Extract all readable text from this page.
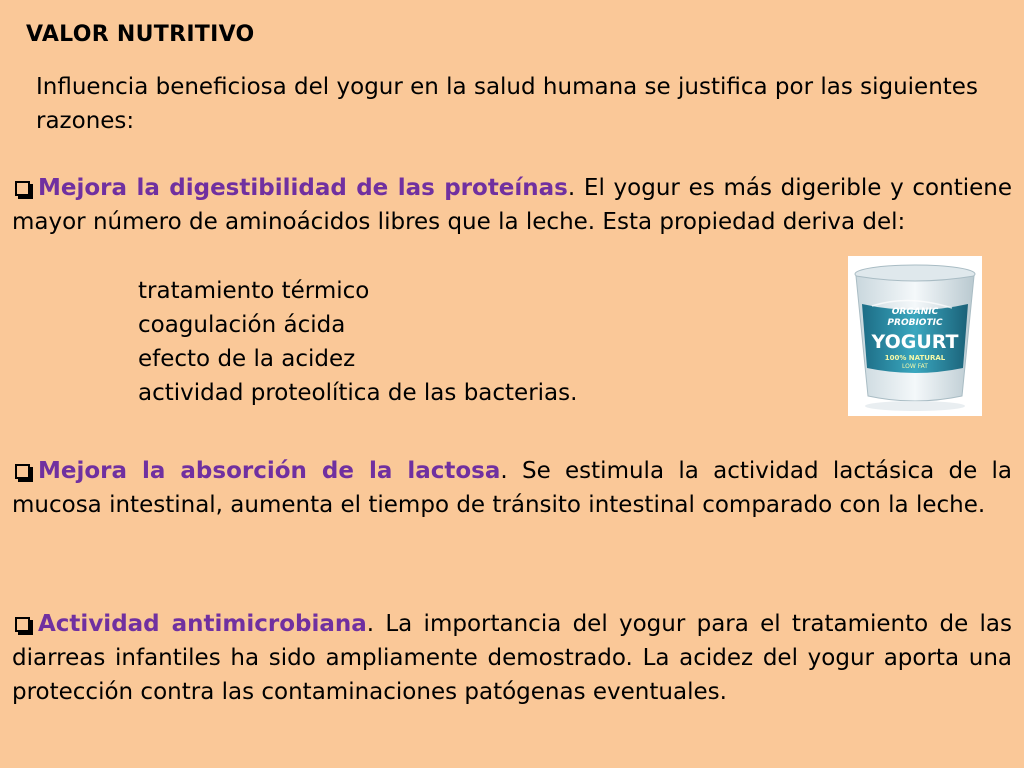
VALOR NUTRITIVO
Influencia beneficiosa del yogur en la salud humana se justifica por las siguientes razones:
Mejora la digestibilidad de las proteínas. El yogur es más digerible y contiene mayor número de aminoácidos libres que la leche. Esta propiedad deriva del:
tratamiento térmico
coagulación ácida
efecto de la acidez
actividad proteolítica de las bacterias.
ORGANIC
PROBIOTIC
YOGURT
100% NATURAL
LOW FAT
Mejora la absorción de la lactosa. Se estimula la actividad lactásica de la mucosa intestinal, aumenta el tiempo de tránsito intestinal comparado con la leche.
Actividad antimicrobiana. La importancia del yogur para el tratamiento de las diarreas infantiles ha sido ampliamente demostrado. La acidez del yogur aporta una protección contra las contaminaciones patógenas eventuales.
